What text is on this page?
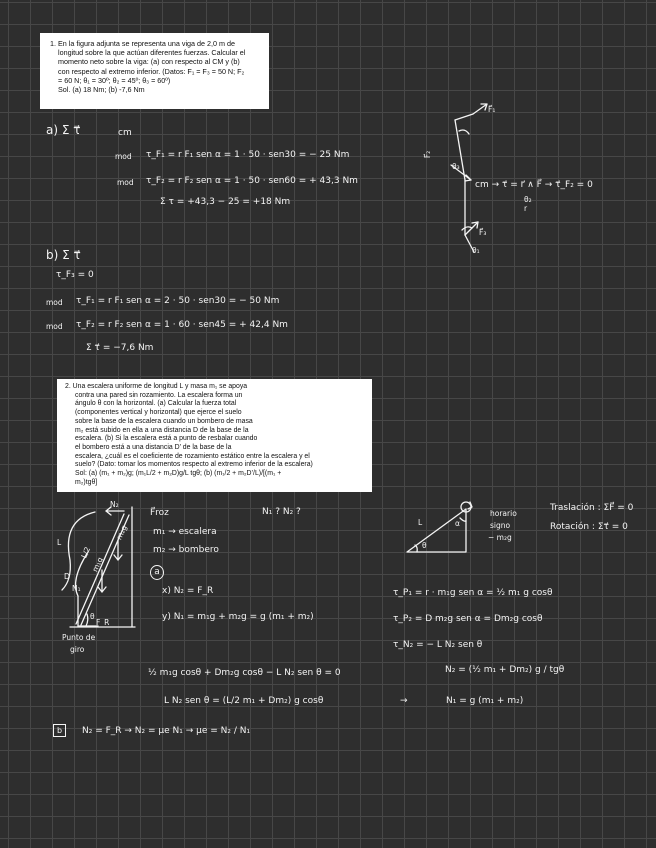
1. En la figura adjunta se representa una viga de 2,0 m de

longitud sobre la que actúan diferentes fuerzas. Calcular el

momento neto sobre la viga: (a) con respecto al CM y (b)

con respecto al extremo inferior. (Datos: F₁ = F₃ = 50 N; F₂

= 60 N; θ₁ = 30º; θ₂ = 45º; θ₃ = 60º)

Sol. (a) 18 Nm; (b) -7,6 Nm

a) Σ τ⃗	cm
mod τ_F₁ = r F₁ sen α = 1 · 50 · sen30 = − 25 Nm
mod τ_F₂ = r F₂ sen α = 1 · 50 · sen60 = + 43,3 Nm
Σ τ = +43,3 − 25 = +18 Nm
F⃗₁
F⃗₂
θ₃
F⃗₃
θ₁
θ₂
r
cm → τ⃗ = r⃗ ∧ F⃗ → τ⃗_F₂ = 0
b) Σ τ⃗
τ_F₃ = 0
mod τ_F₁ = r F₁ sen α = 2 · 50 · sen30 = − 50 Nm
mod τ_F₂ = r F₂ sen α = 1 · 60 · sen45 = + 42,4 Nm
Σ τ⃗ = −7,6 Nm

2. Una escalera uniforme de longitud L y masa m₁ se apoya

contra una pared sin rozamiento. La escalera forma un

ángulo θ con la horizontal. (a) Calcular la fuerza total

(componentes vertical y horizontal) que ejerce el suelo

sobre la base de la escalera cuando un bombero de masa

m₂ está subido en ella a una distancia D de la base de la

escalera. (b) Si la escalera está a punto de resbalar cuando

el bombero está a una distancia D’ de la base de la

escalera, ¿cuál es el coeficiente de rozamiento estático entre la escalera y el

suelo? (Dato: tomar los momentos respecto al extremo inferior de la escalera)

Sol: (a) (m₁ + m₂)g; (m₁L/2 + m₂D)g/L tgθ; (b) (m₁/2 + m₂D’/L)/[(m₁ +

m₂)tgθ]

N₂
N₁
m₁g
m₂g
L/2
F_R
θ
L
D
Punto de
giro
F⃗roz
m₁ → escalera
m₂ → bombero
N₁ ? N₂ ?
L
θ
α
horario
signo
− m₂g
Traslación : ΣF⃗ = 0
Rotación : Στ⃗ = 0
a
x) N₂ = F_R
y) N₁ = m₁g + m₂g = g (m₁ + m₂)
τ_P₁ = r · m₁g sen α = ½ m₁ g cosθ
τ_P₂ = D m₂g sen α = Dm₂g cosθ
τ_N₂ = − L N₂ sen θ
½ m₁g cosθ + Dm₂g cosθ − L N₂ sen θ = 0	N₂ = (½ m₁ + Dm₂) g / tgθ
L N₂ sen θ = (L/2 m₁ + Dm₂) g cosθ	→	N₁ = g (m₁ + m₂)
b	N₂ = F_R → N₂ = μe N₁ → μe = N₂ / N₁
